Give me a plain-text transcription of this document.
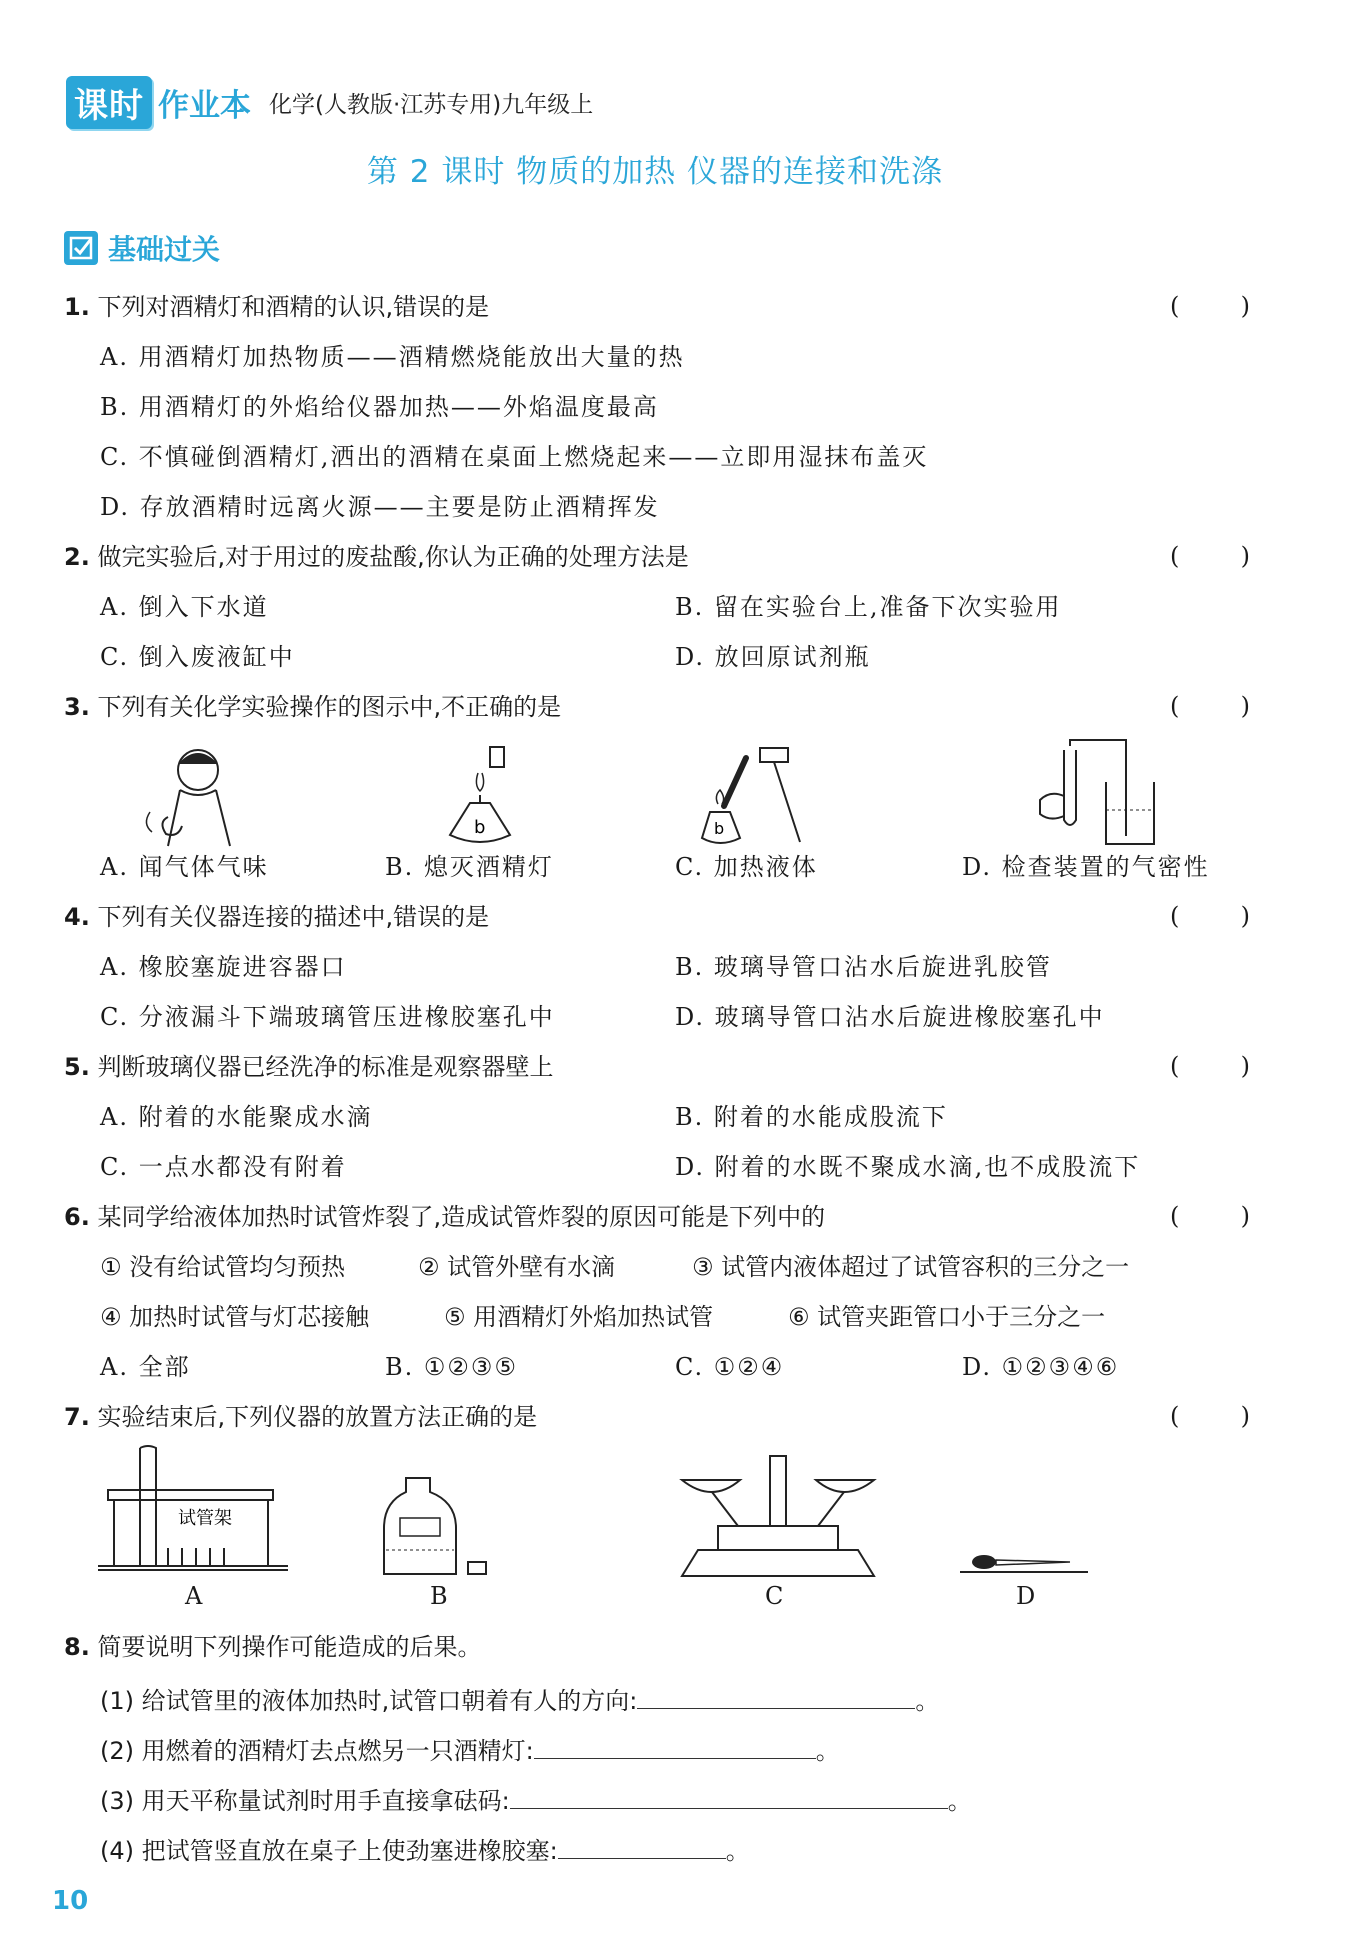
课时 作业本 化学(人教版·江苏专用)九年级上
第 2 课时 物质的加热 仪器的连接和洗涤
基础过关
1. 下列对酒精灯和酒精的认识,错误的是	(	)
A. 用酒精灯加热物质——酒精燃烧能放出大量的热
B. 用酒精灯的外焰给仪器加热——外焰温度最高
C. 不慎碰倒酒精灯,洒出的酒精在桌面上燃烧起来——立即用湿抹布盖灭
D. 存放酒精时远离火源——主要是防止酒精挥发
2. 做完实验后,对于用过的废盐酸,你认为正确的处理方法是	(	)
A. 倒入下水道	B. 留在实验台上,准备下次实验用
C. 倒入废液缸中	D. 放回原试剂瓶
3. 下列有关化学实验操作的图示中,不正确的是	(	)
b	b
A. 闻气体气味	B. 熄灭酒精灯	C. 加热液体	D. 检查装置的气密性
4. 下列有关仪器连接的描述中,错误的是	(	)
A. 橡胶塞旋进容器口	B. 玻璃导管口沾水后旋进乳胶管
C. 分液漏斗下端玻璃管压进橡胶塞孔中	D. 玻璃导管口沾水后旋进橡胶塞孔中
5. 判断玻璃仪器已经洗净的标准是观察器壁上	(	)
A. 附着的水能聚成水滴	B. 附着的水能成股流下
C. 一点水都没有附着	D. 附着的水既不聚成水滴,也不成股流下
6. 某同学给液体加热时试管炸裂了,造成试管炸裂的原因可能是下列中的	(	)
① 没有给试管均匀预热	② 试管外壁有水滴	③ 试管内液体超过了试管容积的三分之一
④ 加热时试管与灯芯接触	⑤ 用酒精灯外焰加热试管	⑥ 试管夹距管口小于三分之一
A. 全部	B. ①②③⑤	C. ①②④	D. ①②③④⑥
7. 实验结束后,下列仪器的放置方法正确的是	(	)
试管架
A	B	C	D
8. 简要说明下列操作可能造成的后果。
(1) 给试管里的液体加热时,试管口朝着有人的方向:	。
(2) 用燃着的酒精灯去点燃另一只酒精灯:	。
(3) 用天平称量试剂时用手直接拿砝码:	。
(4) 把试管竖直放在桌子上使劲塞进橡胶塞:	。
10
